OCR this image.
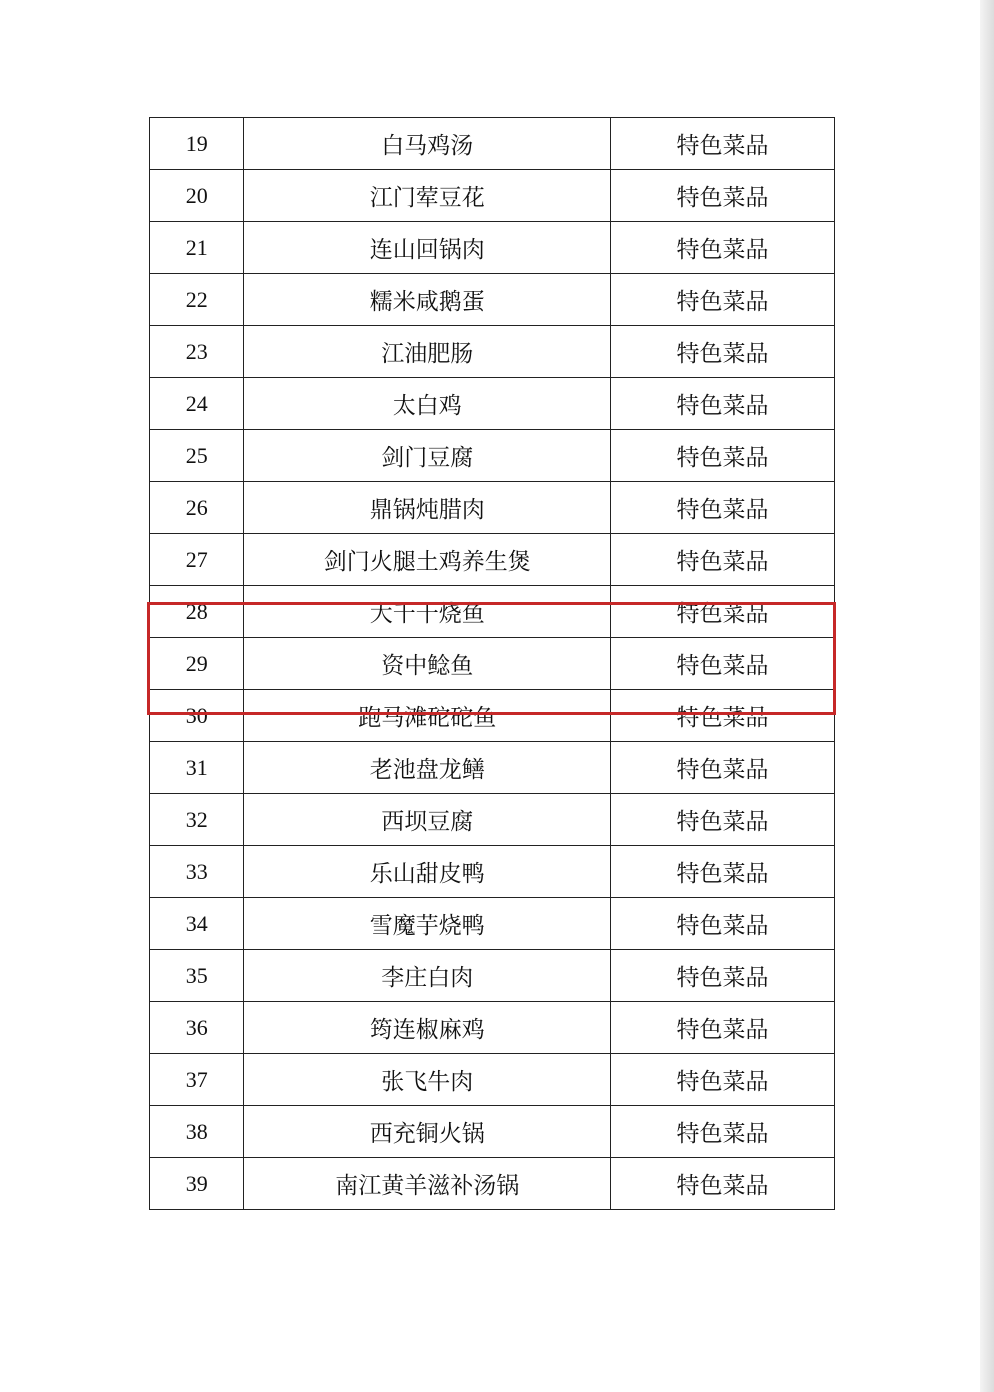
19	白马鸡汤	特色菜品
20	江门荤豆花	特色菜品
21	连山回锅肉	特色菜品
22	糯米咸鹅蛋	特色菜品
23	江油肥肠	特色菜品
24	太白鸡	特色菜品
25	剑门豆腐	特色菜品
26	鼎锅炖腊肉	特色菜品
27	剑门火腿土鸡养生煲	特色菜品
28	大千干烧鱼	特色菜品
29	资中鲶鱼	特色菜品
30	跑马滩砣砣鱼	特色菜品
31	老池盘龙鳝	特色菜品
32	西坝豆腐	特色菜品
33	乐山甜皮鸭	特色菜品
34	雪魔芋烧鸭	特色菜品
35	李庄白肉	特色菜品
36	筠连椒麻鸡	特色菜品
37	张飞牛肉	特色菜品
38	西充铜火锅	特色菜品
39	南江黄羊滋补汤锅	特色菜品
